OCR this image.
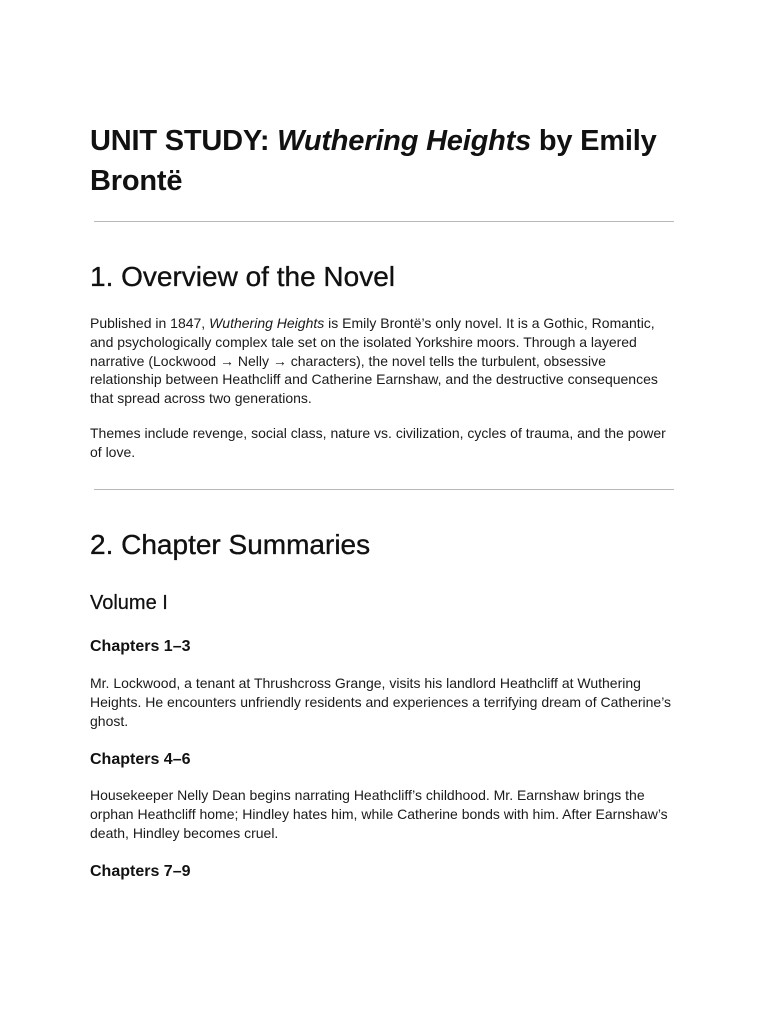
UNIT STUDY: Wuthering Heights by Emily Brontë
1. Overview of the Novel

Published in 1847, Wuthering Heights is Emily Brontë’s only novel. It is a Gothic, Romantic, and psychologically complex tale set on the isolated Yorkshire moors. Through a layered narrative (Lockwood → Nelly → characters), the novel tells the turbulent, obsessive relationship between Heathcliff and Catherine Earnshaw, and the destructive consequences that spread across two generations.

Themes include revenge, social class, nature vs. civilization, cycles of trauma, and the power of love.

2. Chapter Summaries
Volume I
Chapters 1–3

Mr. Lockwood, a tenant at Thrushcross Grange, visits his landlord Heathcliff at Wuthering Heights. He encounters unfriendly residents and experiences a terrifying dream of Catherine’s ghost.

Chapters 4–6

Housekeeper Nelly Dean begins narrating Heathcliff’s childhood. Mr. Earnshaw brings the orphan Heathcliff home; Hindley hates him, while Catherine bonds with him. After Earnshaw’s death, Hindley becomes cruel.

Chapters 7–9
